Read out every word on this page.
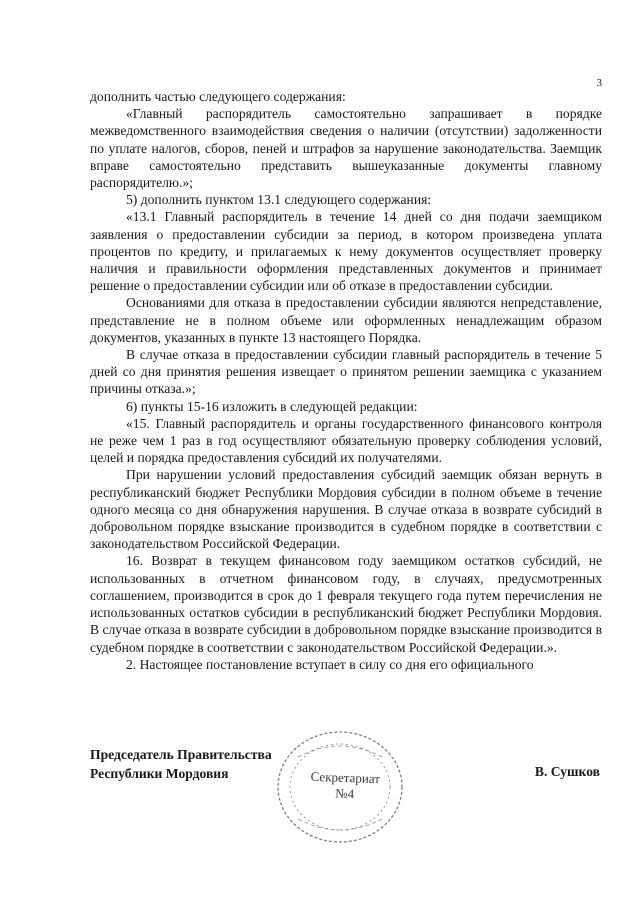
3

дополнить частью следующего содержания:

«Главный распорядитель самостоятельно запрашивает в порядке межведомственного взаимодействия сведения о наличии (отсутствии) задолженности по уплате налогов, сборов, пеней и штрафов за нарушение законодательства. Заемщик вправе самостоятельно представить вышеуказанные документы главному распорядителю.»;

5) дополнить пунктом 13.1 следующего содержания:

«13.1 Главный распорядитель в течение 14 дней со дня подачи заемщиком заявления о предоставлении субсидии за период, в котором произведена уплата процентов по кредиту, и прилагаемых к нему документов осуществляет проверку наличия и правильности оформления представленных документов и принимает решение о предоставлении субсидии или об отказе в предоставлении субсидии.

Основаниями для отказа в предоставлении субсидии являются непредставление, представление не в полном объеме или оформленных ненадлежащим образом документов, указанных в пункте 13 настоящего Порядка.

В случае отказа в предоставлении субсидии главный распорядитель в течение 5 дней со дня принятия решения извещает о принятом решении заемщика с указанием причины отказа.»;

6) пункты 15-16 изложить в следующей редакции:

«15. Главный распорядитель и органы государственного финансового контроля не реже чем 1 раз в год осуществляют обязательную проверку соблюдения условий, целей и порядка предоставления субсидий их получателями.

При нарушении условий предоставления субсидий заемщик обязан вернуть в республиканский бюджет Республики Мордовия субсидии в полном объеме в течение одного месяца со дня обнаружения нарушения. В случае отказа в возврате субсидий в добровольном порядке взыскание производится в судебном порядке в соответствии с законодательством Российской Федерации.

16. Возврат в текущем финансовом году заемщиком остатков субсидий, не использованных в отчетном финансовом году, в случаях, предусмотренных соглашением, производится в срок до 1 февраля текущего года путем перечисления не использованных остатков субсидии в республиканский бюджет Республики Мордовия. В случае отказа в возврате субсидии в добровольном порядке взыскание производится в судебном порядке в соответствии с законодательством Российской Федерации.».

2. Настоящее постановление вступает в силу со дня его официального

Секретариат
№4
Председатель Правительства
Республики Мордовия	В. Сушков
